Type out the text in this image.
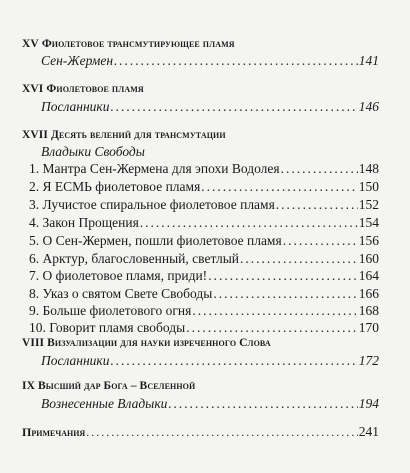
XV Фиолетовое трансмутирующее пламя
Сен-Жермен .....	141
XVI Фиолетовое пламя
Посланники .....	146
XVII Десять велений для трансмутации
Владыки Свободы
1. Мантра Сен-Жермена для эпохи Водолея .....	148
2. Я ЕСМЬ фиолетовое пламя .....	150
3. Лучистое спиральное фиолетовое пламя .....	152
4. Закон Прощения .....	154
5. О Сен-Жермен, пошли фиолетовое пламя .....	156
6. Арктур, благословенный, светлый .....	160
7. О фиолетовое пламя, приди! .....	164
8. Указ о святом Свете Свободы .....	166
9. Больше фиолетового огня .....	168
10. Говорит пламя свободы .....	170
VIII Визуализации для науки изреченного Слова
Посланники .....	172
IX Высший дар Бога – Вселенной
Вознесенные Владыки .....	194
Примечания .....	241
